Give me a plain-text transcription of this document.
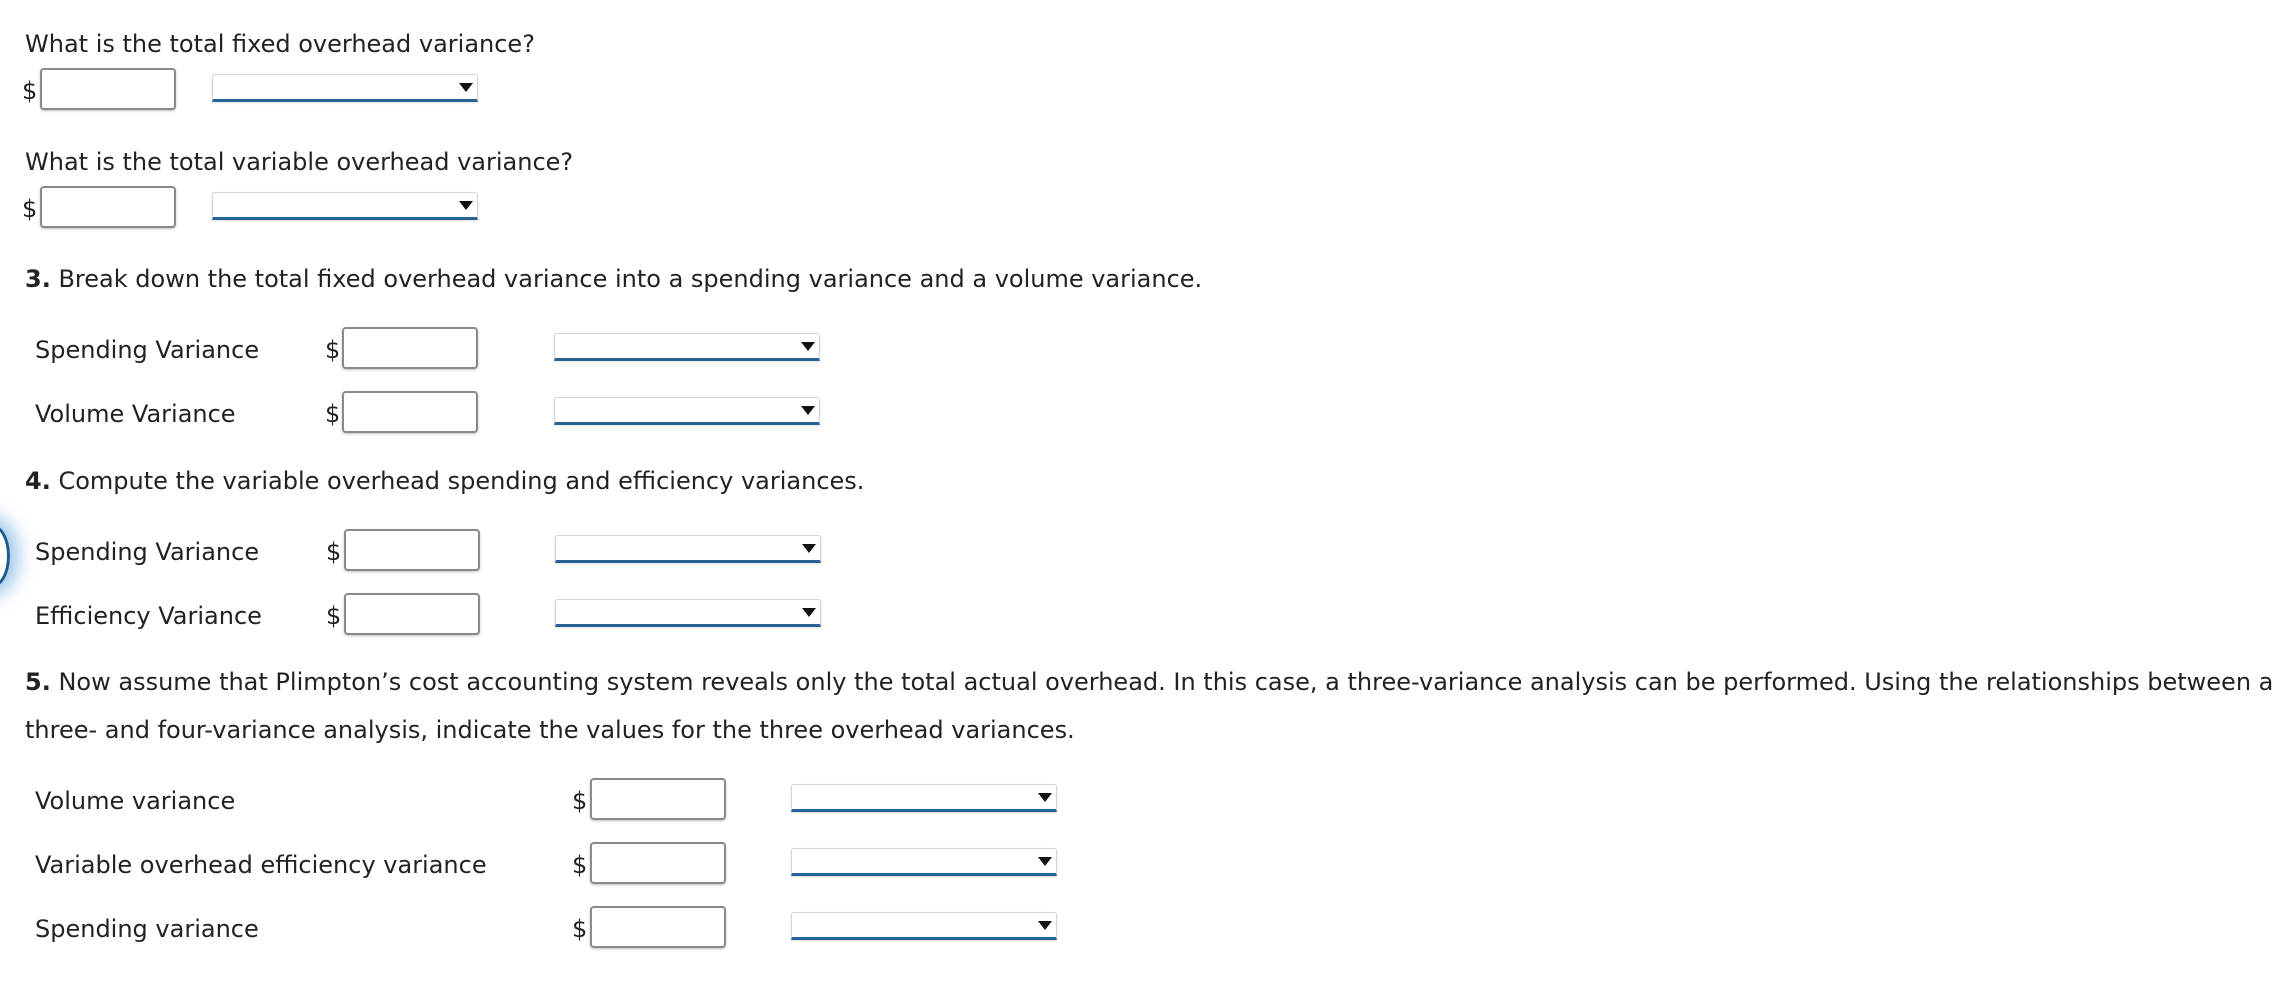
What is the total fixed overhead variance?

$

What is the total variable overhead variance?

$

3. Break down the total fixed overhead variance into a spending variance and a volume variance.

Spending Variance	$
Volume Variance	$

4. Compute the variable overhead spending and efficiency variances.

Spending Variance	$
Efficiency Variance	$

5. Now assume that Plimpton’s cost accounting system reveals only the total actual overhead. In this case, a three-variance analysis can be performed. Using the relationships between a three- and four-variance analysis, indicate the values for the three overhead variances.

Volume variance	$
Variable overhead efficiency variance	$
Spending variance	$
